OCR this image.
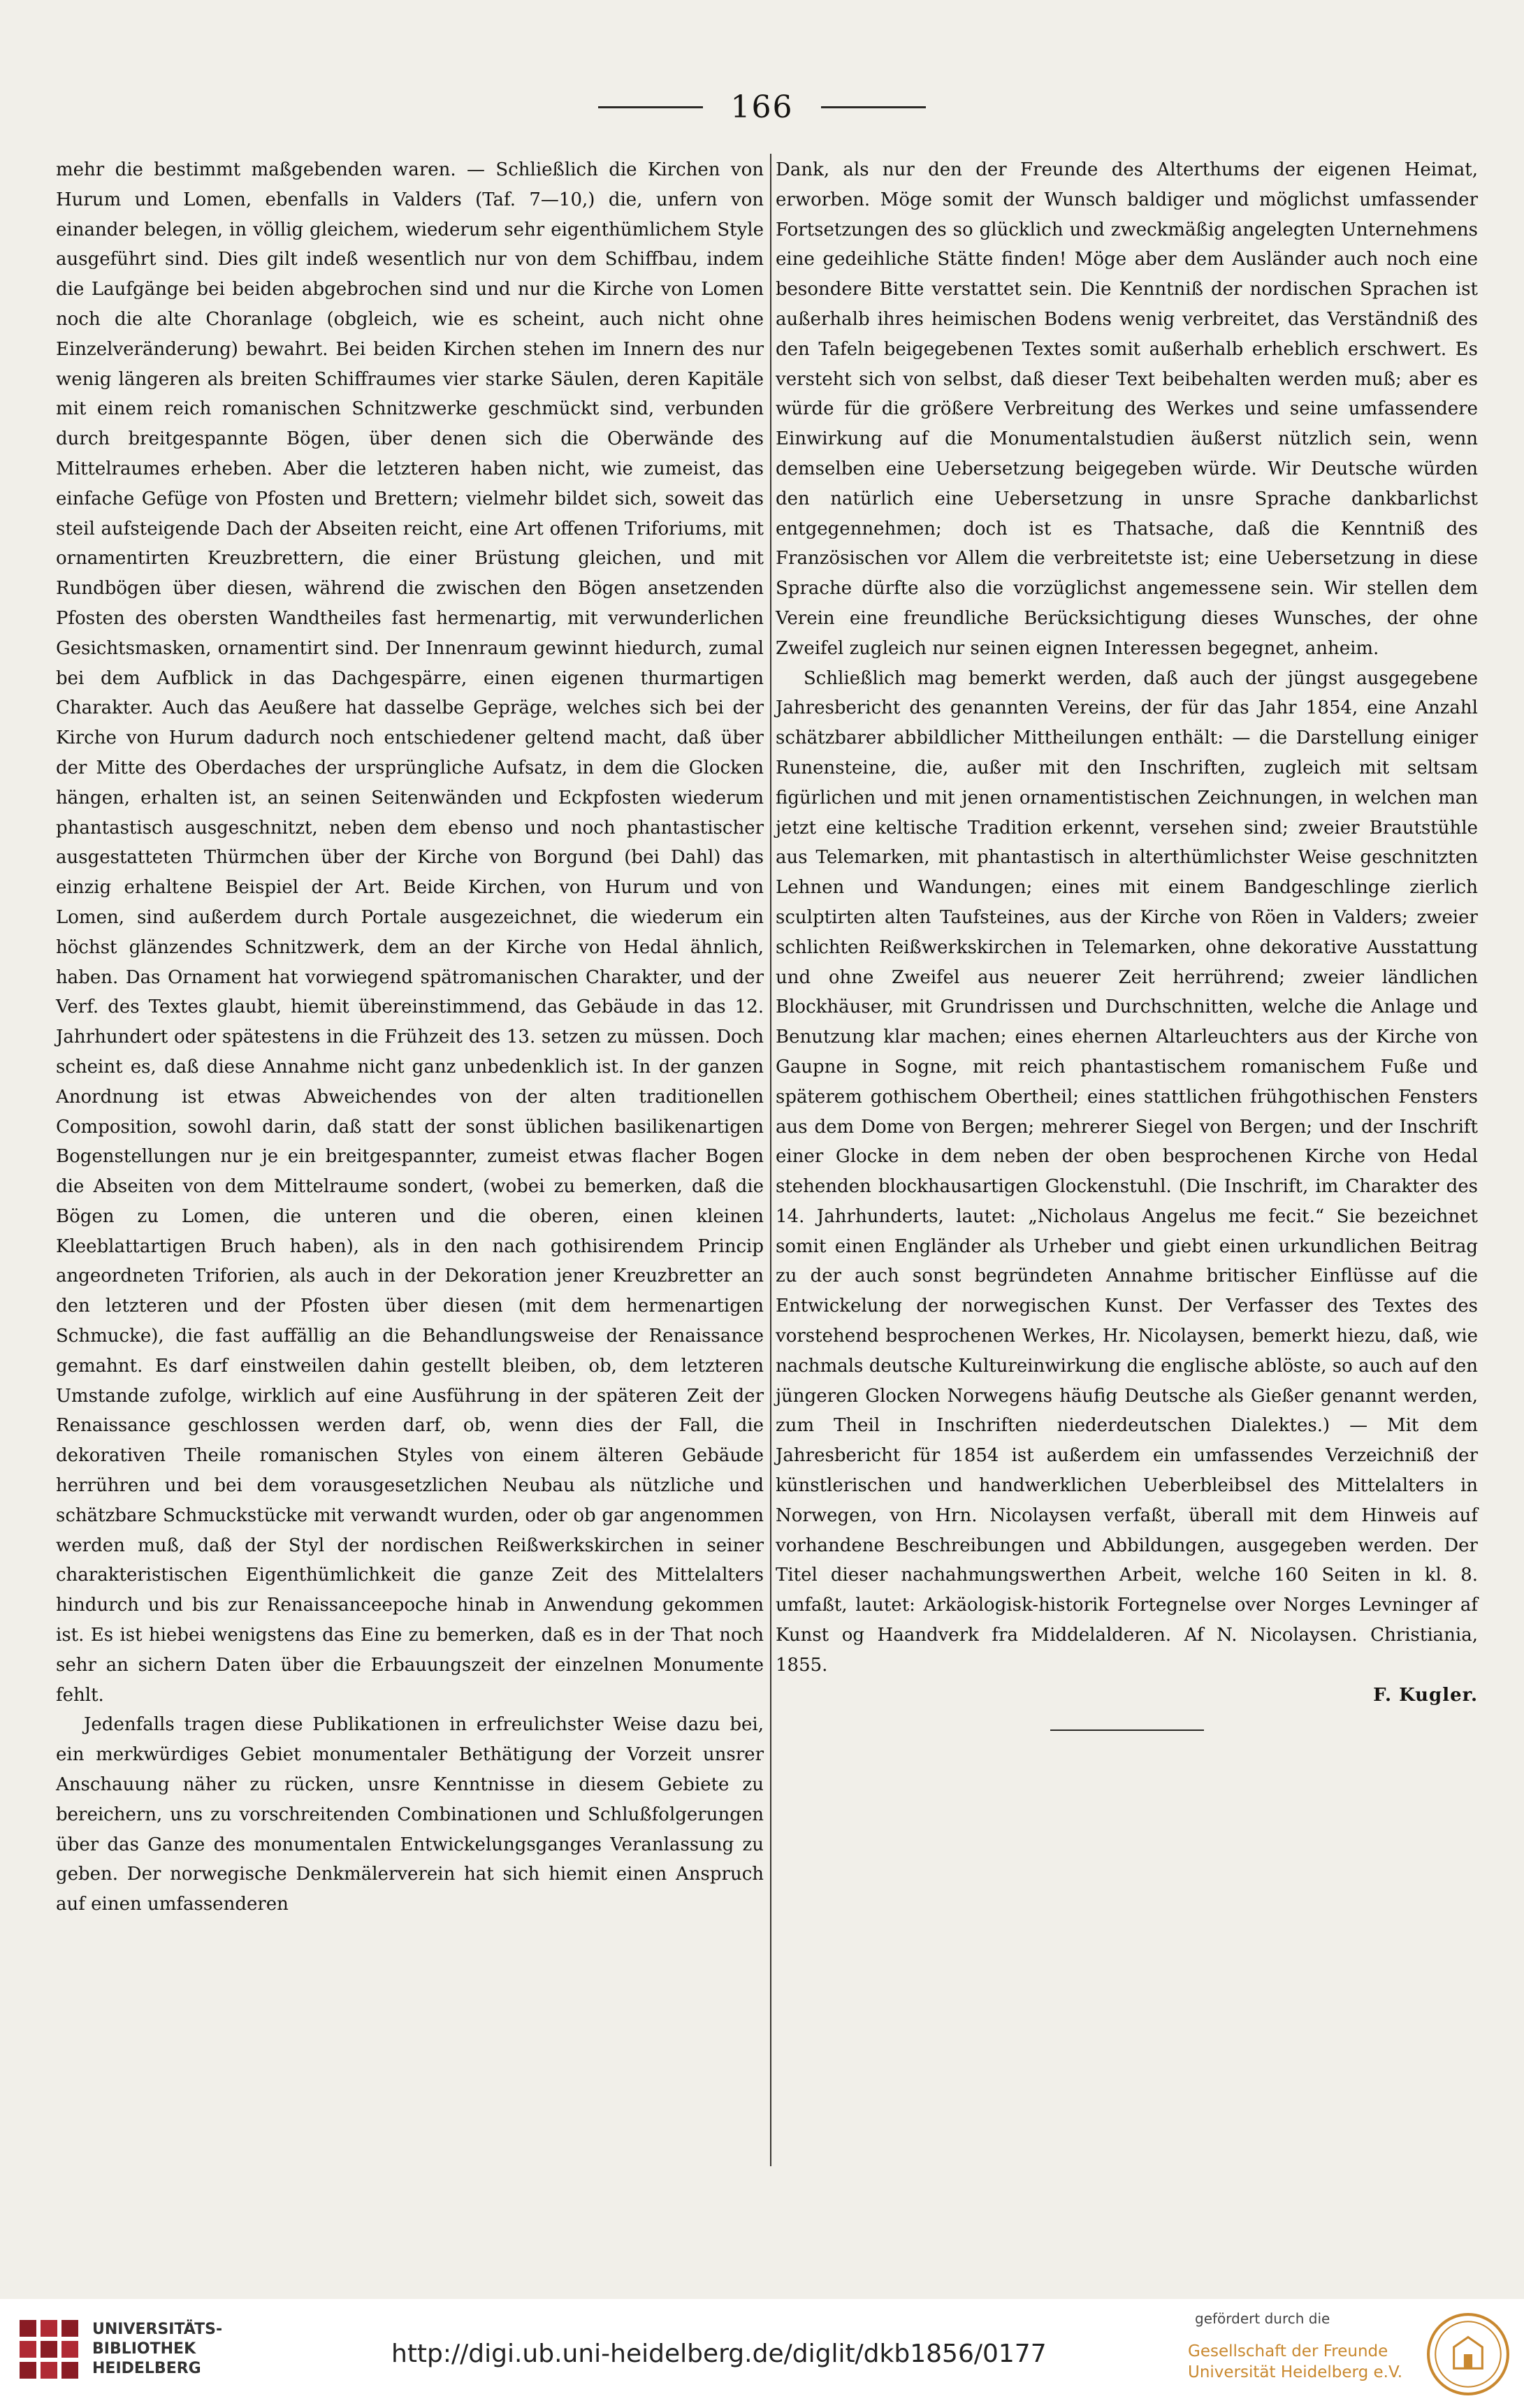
166

mehr die bestimmt maßgebenden waren. — Schließlich die Kirchen von Hurum und Lomen, ebenfalls in Valders (Taf. 7—10,) die, unfern von einander belegen, in völlig gleichem, wiederum sehr eigenthümlichem Style ausgeführt sind. Dies gilt indeß wesentlich nur von dem Schiffbau, indem die Laufgänge bei beiden abgebrochen sind und nur die Kirche von Lomen noch die alte Choranlage (obgleich, wie es scheint, auch nicht ohne Einzelveränderung) bewahrt. Bei beiden Kirchen stehen im Innern des nur wenig längeren als breiten Schiffraumes vier starke Säulen, deren Kapitäle mit einem reich romanischen Schnitzwerke geschmückt sind, verbunden durch breitgespannte Bögen, über denen sich die Oberwände des Mittelraumes erheben. Aber die letzteren haben nicht, wie zumeist, das einfache Gefüge von Pfosten und Brettern; vielmehr bildet sich, soweit das steil aufsteigende Dach der Abseiten reicht, eine Art offenen Triforiums, mit ornamentirten Kreuzbrettern, die einer Brüstung gleichen, und mit Rundbögen über diesen, während die zwischen den Bögen ansetzenden Pfosten des obersten Wandtheiles fast hermenartig, mit verwunderlichen Gesichtsmasken, ornamentirt sind. Der Innenraum gewinnt hiedurch, zumal bei dem Aufblick in das Dachgespärre, einen eigenen thurmartigen Charakter. Auch das Aeußere hat dasselbe Gepräge, welches sich bei der Kirche von Hurum dadurch noch entschiedener geltend macht, daß über der Mitte des Oberdaches der ursprüngliche Aufsatz, in dem die Glocken hängen, erhalten ist, an seinen Seitenwänden und Eckpfosten wiederum phantastisch ausgeschnitzt, neben dem ebenso und noch phantastischer ausgestatteten Thürmchen über der Kirche von Borgund (bei Dahl) das einzig erhaltene Beispiel der Art. Beide Kirchen, von Hurum und von Lomen, sind außerdem durch Portale ausgezeichnet, die wiederum ein höchst glänzendes Schnitzwerk, dem an der Kirche von Hedal ähnlich, haben. Das Ornament hat vorwiegend spätromanischen Charakter, und der Verf. des Textes glaubt, hiemit übereinstimmend, das Gebäude in das 12. Jahrhundert oder spätestens in die Frühzeit des 13. setzen zu müssen. Doch scheint es, daß diese Annahme nicht ganz unbedenklich ist. In der ganzen Anordnung ist etwas Abweichendes von der alten traditionellen Composition, sowohl darin, daß statt der sonst üblichen basilikenartigen Bogenstellungen nur je ein breitgespannter, zumeist etwas flacher Bogen die Abseiten von dem Mittelraume sondert, (wobei zu bemerken, daß die Bögen zu Lomen, die unteren und die oberen, einen kleinen Kleeblattartigen Bruch haben), als in den nach gothisirendem Princip angeordneten Triforien, als auch in der Dekoration jener Kreuzbretter an den letzteren und der Pfosten über diesen (mit dem hermenartigen Schmucke), die fast auffällig an die Behandlungsweise der Renaissance gemahnt. Es darf einstweilen dahin gestellt bleiben, ob, dem letzteren Umstande zufolge, wirklich auf eine Ausführung in der späteren Zeit der Renaissance geschlossen werden darf, ob, wenn dies der Fall, die dekorativen Theile romanischen Styles von einem älteren Gebäude herrühren und bei dem vorausgesetzlichen Neubau als nützliche und schätzbare Schmuckstücke mit verwandt wurden, oder ob gar angenommen werden muß, daß der Styl der nordischen Reißwerkskirchen in seiner charakteristischen Eigenthümlichkeit die ganze Zeit des Mittelalters hindurch und bis zur Renaissanceepoche hinab in Anwendung gekommen ist. Es ist hiebei wenigstens das Eine zu bemerken, daß es in der That noch sehr an sichern Daten über die Erbauungszeit der einzelnen Monumente fehlt.

Jedenfalls tragen diese Publikationen in erfreulichster Weise dazu bei, ein merkwürdiges Gebiet monumentaler Bethätigung der Vorzeit unsrer Anschauung näher zu rücken, unsre Kenntnisse in diesem Gebiete zu bereichern, uns zu vorschreitenden Combinationen und Schlußfolgerungen über das Ganze des monumentalen Entwickelungsganges Veranlassung zu geben. Der norwegische Denkmälerverein hat sich hiemit einen Anspruch auf einen umfassenderen

Dank, als nur den der Freunde des Alterthums der eigenen Heimat, erworben. Möge somit der Wunsch baldiger und möglichst umfassender Fortsetzungen des so glücklich und zweckmäßig angelegten Unternehmens eine gedeihliche Stätte finden! Möge aber dem Ausländer auch noch eine besondere Bitte verstattet sein. Die Kenntniß der nordischen Sprachen ist außerhalb ihres heimischen Bodens wenig verbreitet, das Verständniß des den Tafeln beigegebenen Textes somit außerhalb erheblich erschwert. Es versteht sich von selbst, daß dieser Text beibehalten werden muß; aber es würde für die größere Verbreitung des Werkes und seine umfassendere Einwirkung auf die Monumentalstudien äußerst nützlich sein, wenn demselben eine Uebersetzung beigegeben würde. Wir Deutsche würden den natürlich eine Uebersetzung in unsre Sprache dankbarlichst entgegennehmen; doch ist es Thatsache, daß die Kenntniß des Französischen vor Allem die verbreitetste ist; eine Uebersetzung in diese Sprache dürfte also die vorzüglichst angemessene sein. Wir stellen dem Verein eine freundliche Berücksichtigung dieses Wunsches, der ohne Zweifel zugleich nur seinen eignen Interessen begegnet, anheim.

Schließlich mag bemerkt werden, daß auch der jüngst ausgegebene Jahresbericht des genannten Vereins, der für das Jahr 1854, eine Anzahl schätzbarer abbildlicher Mittheilungen enthält: — die Darstellung einiger Runensteine, die, außer mit den Inschriften, zugleich mit seltsam figürlichen und mit jenen ornamentistischen Zeichnungen, in welchen man jetzt eine keltische Tradition erkennt, versehen sind; zweier Brautstühle aus Telemarken, mit phantastisch in alterthümlichster Weise geschnitzten Lehnen und Wandungen; eines mit einem Bandgeschlinge zierlich sculptirten alten Taufsteines, aus der Kirche von Röen in Valders; zweier schlichten Reißwerkskirchen in Telemarken, ohne dekorative Ausstattung und ohne Zweifel aus neuerer Zeit herrührend; zweier ländlichen Blockhäuser, mit Grundrissen und Durchschnitten, welche die Anlage und Benutzung klar machen; eines ehernen Altarleuchters aus der Kirche von Gaupne in Sogne, mit reich phantastischem romanischem Fuße und späterem gothischem Obertheil; eines stattlichen frühgothischen Fensters aus dem Dome von Bergen; mehrerer Siegel von Bergen; und der Inschrift einer Glocke in dem neben der oben besprochenen Kirche von Hedal stehenden blockhausartigen Glockenstuhl. (Die Inschrift, im Charakter des 14. Jahrhunderts, lautet: „Nicholaus Angelus me fecit.“ Sie bezeichnet somit einen Engländer als Urheber und giebt einen urkundlichen Beitrag zu der auch sonst begründeten Annahme britischer Einflüsse auf die Entwickelung der norwegischen Kunst. Der Verfasser des Textes des vorstehend besprochenen Werkes, Hr. Nicolaysen, bemerkt hiezu, daß, wie nachmals deutsche Kultureinwirkung die englische ablöste, so auch auf den jüngeren Glocken Norwegens häufig Deutsche als Gießer genannt werden, zum Theil in Inschriften niederdeutschen Dialektes.) — Mit dem Jahresbericht für 1854 ist außerdem ein umfassendes Verzeichniß der künstlerischen und handwerklichen Ueberbleibsel des Mittelalters in Norwegen, von Hrn. Nicolaysen verfaßt, überall mit dem Hinweis auf vorhandene Beschreibungen und Abbildungen, ausgegeben werden. Der Titel dieser nachahmungswerthen Arbeit, welche 160 Seiten in kl. 8. umfaßt, lautet: Arkäologisk-historik Fortegnelse over Norges Levninger af Kunst og Haandverk fra Middelalderen. Af N. Nicolaysen. Christiania, 1855.

F. Kugler.

UNIVERSITÄTS-
BIBLIOTHEK
HEIDELBERG
http://digi.ub.uni-heidelberg.de/diglit/dkb1856/0177
gefördert durch die
Gesellschaft der Freunde
Universität Heidelberg e.V.
